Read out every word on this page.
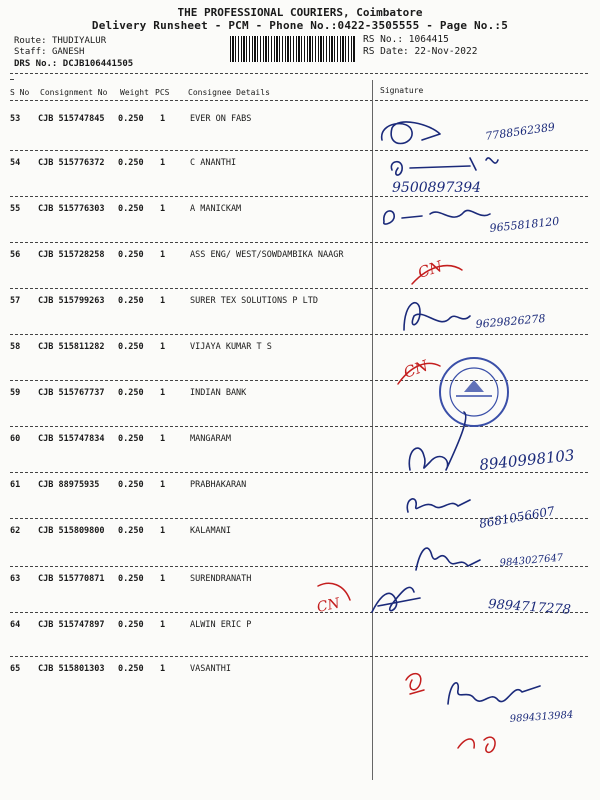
THE PROFESSIONAL COURIERS, Coimbatore
Delivery Runsheet - PCM - Phone No.:0422-3505555 - Page No.:5
Route: THUDIYALUR
Staff: GANESH
DRS No.: DCJB106441505
RS No.: 1064415
RS Date: 22-Nov-2022
S No Consignment No Weight PCS Consignee Details	Signature
53 CJB 515747845 0.250 1	EVER ON FABS
54 CJB 515776372 0.250 1	C ANANTHI
55 CJB 515776303 0.250 1	A MANICKAM
56 CJB 515728258 0.250 1	ASS ENG/ WEST/SOWDAMBIKA NAAGR
57 CJB 515799263 0.250 1	SURER TEX SOLUTIONS P LTD
58 CJB 515811282 0.250 1	VIJAYA KUMAR T S
59 CJB 515767737 0.250 1	INDIAN BANK
60 CJB 515747834 0.250 1	MANGARAM
61 CJB 88975935 0.250 1	PRABHAKARAN
62 CJB 515809800 0.250 1	KALAMANI
63 CJB 515770871 0.250 1	SURENDRANATH
64 CJB 515747897 0.250 1	ALWIN ERIC P
65 CJB 515801303 0.250 1	VASANTHI
7788562389
9500897394
9655818120
CN
9629826278
CN
8940998103
8681056607
9843027647
CN	9894717278
9894313984
